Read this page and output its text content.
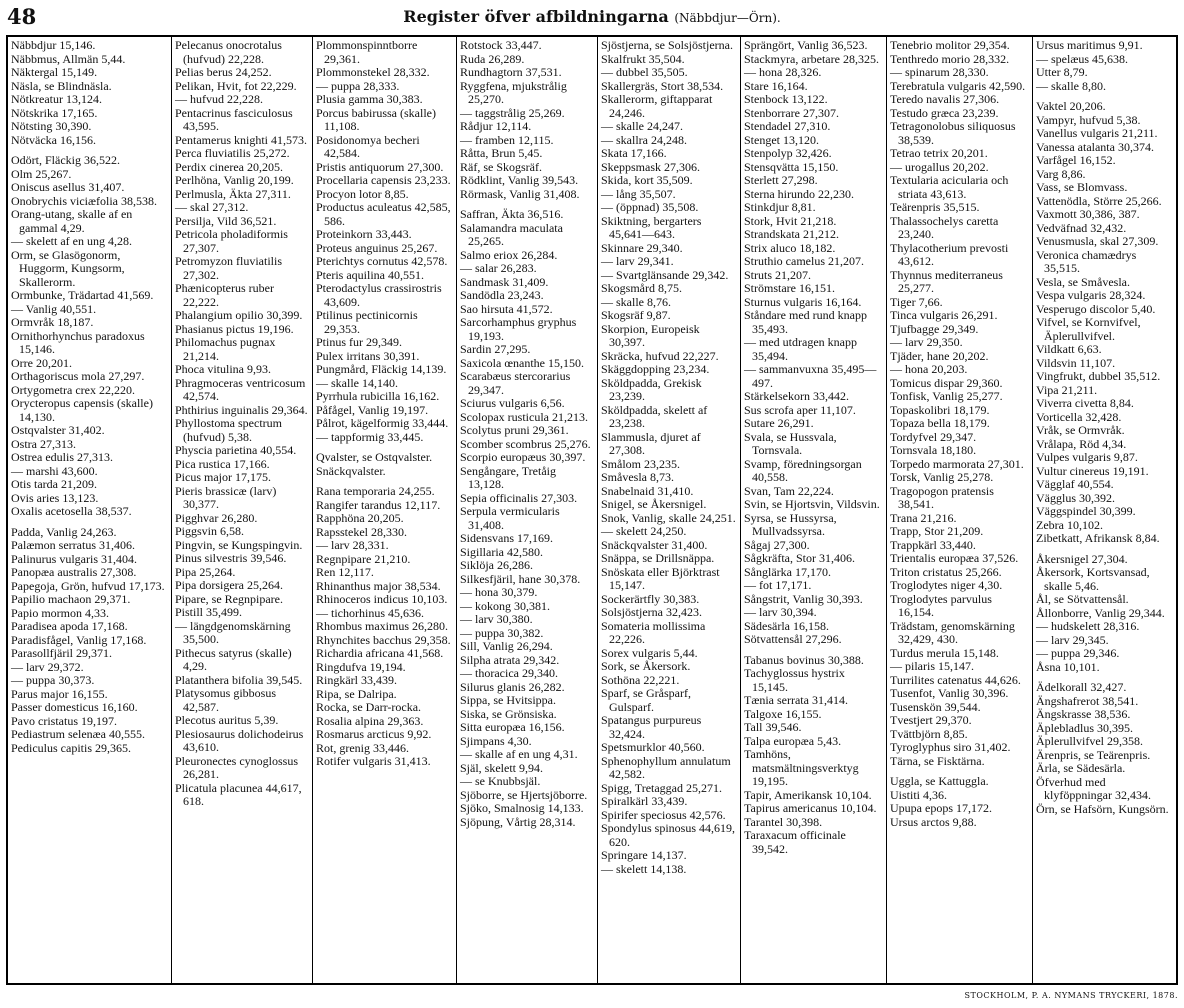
48	Register öfver afbildningarna (Näbbdjur—Örn).
Näbbdjur 15,146.
Näbbmus, Allmän 5,44.
Näktergal 15,149.
Näsla, se Blindnäsla.
Nötkreatur 13,124.
Nötskrika 17,165.
Nötsting 30,390.
Nötväcka 16,156.
Odört, Fläckig 36,522.
Olm 25,267.
Oniscus asellus 31,407.
Onobrychis viciæfolia 38,538.
Orang-utang, skalle af en gammal 4,29.
— skelett af en ung 4,28.
Orm, se Glasögonorm, Huggorm, Kungsorm, Skallerorm.
Ormbunke, Trädartad 41,569.
— Vanlig 40,551.
Ormvråk 18,187.
Ornithorhynchus paradoxus 15,146.
Orre 20,201.
Orthagoriscus mola 27,297.
Ortygometra crex 22,220.
Orycteropus capensis (skalle) 14,130.
Ostqvalster 31,402.
Ostra 27,313.
Ostrea edulis 27,313.
— marshi 43,600.
Otis tarda 21,209.
Ovis aries 13,123.
Oxalis acetosella 38,537.
Padda, Vanlig 24,263.
Palæmon serratus 31,406.
Palinurus vulgaris 31,404.
Panopæa australis 27,308.
Papegoja, Grön, hufvud 17,173.
Papilio machaon 29,371.
Papio mormon 4,33.
Paradisea apoda 17,168.
Paradisfågel, Vanlig 17,168.
Parasollfjäril 29,371.
— larv 29,372.
— puppa 30,373.
Parus major 16,155.
Passer domesticus 16,160.
Pavo cristatus 19,197.
Pediastrum selenæa 40,555.
Pediculus capitis 29,365.
Pelecanus onocrotalus (hufvud) 22,228.
Pelias berus 24,252.
Pelikan, Hvit, fot 22,229.
— hufvud 22,228.
Pentacrinus fasciculosus 43,595.
Pentamerus knighti 41,573.
Perca fluviatilis 25,272.
Perdix cinerea 20,205.
Perlhöna, Vanlig 20,199.
Perlmusla, Äkta 27,311.
— skal 27,312.
Persilja, Vild 36,521.
Petricola pholadiformis 27,307.
Petromyzon fluviatilis 27,302.
Phænicopterus ruber 22,222.
Phalangium opilio 30,399.
Phasianus pictus 19,196.
Philomachus pugnax 21,214.
Phoca vitulina 9,93.
Phragmoceras ventricosum 42,574.
Phthirius inguinalis 29,364.
Phyllostoma spectrum (hufvud) 5,38.
Physcia parietina 40,554.
Pica rustica 17,166.
Picus major 17,175.
Pieris brassicæ (larv) 30,377.
Pigghvar 26,280.
Piggsvin 6,58.
Pingvin, se Kungspingvin.
Pinus silvestris 39,546.
Pipa 25,264.
Pipa dorsigera 25,264.
Pipare, se Regnpipare.
Pistill 35,499.
— längdgenomskärning 35,500.
Pithecus satyrus (skalle) 4,29.
Platanthera bifolia 39,545.
Platysomus gibbosus 42,587.
Plecotus auritus 5,39.
Plesiosaurus dolichodeirus 43,610.
Pleuronectes cynoglossus 26,281.
Plicatula placunea 44,617, 618.
Plommonspinntborre 29,361.
Plommonstekel 28,332.
— puppa 28,333.
Plusia gamma 30,383.
Porcus babirussa (skalle) 11,108.
Posidonomya becheri 42,584.
Pristis antiquorum 27,300.
Procellaria capensis 23,233.
Procyon lotor 8,85.
Productus aculeatus 42,585, 586.
Proteinkorn 33,443.
Proteus anguinus 25,267.
Pterichtys cornutus 42,578.
Pteris aquilina 40,551.
Pterodactylus crassirostris 43,609.
Ptilinus pectinicornis 29,353.
Ptinus fur 29,349.
Pulex irritans 30,391.
Pungmård, Fläckig 14,139.
— skalle 14,140.
Pyrrhula rubicilla 16,162.
Påfågel, Vanlig 19,197.
Pålrot, kägelformig 33,444.
— tappformig 33,445.
Qvalster, se Ostqvalster.
Snäckqvalster.
Rana temporaria 24,255.
Rangifer tarandus 12,117.
Rapphöna 20,205.
Rapsstekel 28,330.
— larv 28,331.
Regnpipare 21,210.
Ren 12,117.
Rhinanthus major 38,534.
Rhinoceros indicus 10,103.
— tichorhinus 45,636.
Rhombus maximus 26,280.
Rhynchites bacchus 29,358.
Richardia africana 41,568.
Ringdufva 19,194.
Ringkärl 33,439.
Ripa, se Dalripa.
Rocka, se Darr-rocka.
Rosalia alpina 29,363.
Rosmarus arcticus 9,92.
Rot, grenig 33,446.
Rotifer vulgaris 31,413.
Rotstock 33,447.
Ruda 26,289.
Rundhagtorn 37,531.
Ryggfena, mjukstrålig 25,270.
— taggstrålig 25,269.
Rådjur 12,114.
— framben 12,115.
Råtta, Brun 5,45.
Räf, se Skogsräf.
Rödklint, Vanlig 39,543.
Rörmask, Vanlig 31,408.
Saffran, Äkta 36,516.
Salamandra maculata 25,265.
Salmo eriox 26,284.
— salar 26,283.
Sandmask 31,409.
Sandödla 23,243.
Sao hirsuta 41,572.
Sarcorhamphus gryphus 19,193.
Sardin 27,295.
Saxicola œnanthe 15,150.
Scarabæus stercorarius 29,347.
Sciurus vulgaris 6,56.
Scolopax rusticula 21,213.
Scolytus pruni 29,361.
Scomber scombrus 25,276.
Scorpio europæus 30,397.
Sengångare, Tretåig 13,128.
Sepia officinalis 27,303.
Serpula vermicularis 31,408.
Sidensvans 17,169.
Sigillaria 42,580.
Siklöja 26,286.
Silkesfjäril, hane 30,378.
— hona 30,379.
— kokong 30,381.
— larv 30,380.
— puppa 30,382.
Sill, Vanlig 26,294.
Silpha atrata 29,342.
— thoracica 29,340.
Silurus glanis 26,282.
Sippa, se Hvitsippa.
Siska, se Grönsiska.
Sitta europæa 16,156.
Sjimpans 4,30.
— skalle af en ung 4,31.
Själ, skelett 9,94.
— se Knubbsjäl.
Sjöborre, se Hjertsjöborre.
Sjöko, Smalnosig 14,133.
Sjöpung, Vårtig 28,314.
Sjöstjerna, se Solsjöstjerna.
Skalfrukt 35,504.
— dubbel 35,505.
Skallergräs, Stort 38,534.
Skallerorm, giftapparat 24,246.
— skalle 24,247.
— skallra 24,248.
Skata 17,166.
Skeppsmask 27,306.
Skida, kort 35,509.
— lång 35,507.
— (öppnad) 35,508.
Skiktning, bergarters 45,641—643.
Skinnare 29,340.
— larv 29,341.
— Svartglänsande 29,342.
Skogsmård 8,75.
— skalle 8,76.
Skogsräf 9,87.
Skorpion, Europeisk 30,397.
Skräcka, hufvud 22,227.
Skäggdopping 23,234.
Sköldpadda, Grekisk 23,239.
Sköldpadda, skelett af 23,238.
Slammusla, djuret af 27,308.
Smålom 23,235.
Småvesla 8,73.
Snabelnaid 31,410.
Snigel, se Åkersnigel.
Snok, Vanlig, skalle 24,251.
— skelett 24,250.
Snäckqvalster 31,400.
Snäppa, se Drillsnäppa.
Snöskata eller Björktrast 15,147.
Sockerärtfly 30,383.
Solsjöstjerna 32,423.
Somateria mollissima 22,226.
Sorex vulgaris 5,44.
Sork, se Åkersork.
Sothöna 22,221.
Sparf, se Gråsparf, Gulsparf.
Spatangus purpureus 32,424.
Spetsmurklor 40,560.
Sphenophyllum annulatum 42,582.
Spigg, Tretaggad 25,271.
Spiralkärl 33,439.
Spirifer speciosus 42,576.
Spondylus spinosus 44,619, 620.
Springare 14,137.
— skelett 14,138.
Sprängört, Vanlig 36,523.
Stackmyra, arbetare 28,325.
— hona 28,326.
Stare 16,164.
Stenbock 13,122.
Stenborrare 27,307.
Stendadel 27,310.
Stenget 13,120.
Stenpolyp 32,426.
Stensqvätta 15,150.
Sterlett 27,298.
Sterna hirundo 22,230.
Stinkdjur 8,81.
Stork, Hvit 21,218.
Strandskata 21,212.
Strix aluco 18,182.
Struthio camelus 21,207.
Struts 21,207.
Strömstare 16,151.
Sturnus vulgaris 16,164.
Ståndare med rund knapp 35,493.
— med utdragen knapp 35,494.
— sammanvuxna 35,495—497.
Stärkelsekorn 33,442.
Sus scrofa aper 11,107.
Sutare 26,291.
Svala, se Hussvala, Tornsvala.
Svamp, föredningsorgan 40,558.
Svan, Tam 22,224.
Svin, se Hjortsvin, Vildsvin.
Syrsa, se Hussyrsa, Mullvadssyrsa.
Sågaj 27,300.
Sågkräfta, Stor 31,406.
Sånglärka 17,170.
— fot 17,171.
Sångstrit, Vanlig 30,393.
— larv 30,394.
Sädesärla 16,158.
Sötvattensål 27,296.
Tabanus bovinus 30,388.
Tachyglossus hystrix 15,145.
Tænia serrata 31,414.
Talgoxe 16,155.
Tall 39,546.
Talpa europæa 5,43.
Tamhöns, matsmältningsverktyg 19,195.
Tapir, Amerikansk 10,104.
Tapirus americanus 10,104.
Tarantel 30,398.
Taraxacum officinale 39,542.
Tenebrio molitor 29,354.
Tenthredo morio 28,332.
— spinarum 28,330.
Terebratula vulgaris 42,590.
Teredo navalis 27,306.
Testudo græca 23,239.
Tetragonolobus siliquosus 38,539.
Tetrao tetrix 20,201.
— urogallus 20,202.
Textularia acicularia och striata 43,613.
Teärenpris 35,515.
Thalassochelys caretta 23,240.
Thylacotherium prevosti 43,612.
Thynnus mediterraneus 25,277.
Tiger 7,66.
Tinca vulgaris 26,291.
Tjufbagge 29,349.
— larv 29,350.
Tjäder, hane 20,202.
— hona 20,203.
Tomicus dispar 29,360.
Tonfisk, Vanlig 25,277.
Topaskolibri 18,179.
Topaza bella 18,179.
Tordyfvel 29,347.
Tornsvala 18,180.
Torpedo marmorata 27,301.
Torsk, Vanlig 25,278.
Tragopogon pratensis 38,541.
Trana 21,216.
Trapp, Stor 21,209.
Trappkärl 33,440.
Trientalis europæa 37,526.
Triton cristatus 25,266.
Troglodytes niger 4,30.
Troglodytes parvulus 16,154.
Trädstam, genomskärning 32,429, 430.
Turdus merula 15,148.
— pilaris 15,147.
Turrilites catenatus 44,626.
Tusenfot, Vanlig 30,396.
Tusenskön 39,544.
Tvestjert 29,370.
Tvättbjörn 8,85.
Tyroglyphus siro 31,402.
Tärna, se Fisktärna.
Uggla, se Kattuggla.
Uistiti 4,36.
Upupa epops 17,172.
Ursus arctos 9,88.
Ursus maritimus 9,91.
— spelæus 45,638.
Utter 8,79.
— skalle 8,80.
Vaktel 20,206.
Vampyr, hufvud 5,38.
Vanellus vulgaris 21,211.
Vanessa atalanta 30,374.
Varfågel 16,152.
Varg 8,86.
Vass, se Blomvass.
Vattenödla, Större 25,266.
Vaxmott 30,386, 387.
Vedväfnad 32,432.
Venusmusla, skal 27,309.
Veronica chamædrys 35,515.
Vesla, se Småvesla.
Vespa vulgaris 28,324.
Vesperugo discolor 5,40.
Vifvel, se Kornvifvel, Äplerullvifvel.
Vildkatt 6,63.
Vildsvin 11,107.
Vingfrukt, dubbel 35,512.
Vipa 21,211.
Viverra civetta 8,84.
Vorticella 32,428.
Vråk, se Ormvråk.
Vrålapa, Röd 4,34.
Vulpes vulgaris 9,87.
Vultur cinereus 19,191.
Vägglaf 40,554.
Vägglus 30,392.
Väggspindel 30,399.
Zebra 10,102.
Zibetkatt, Afrikansk 8,84.
Åkersnigel 27,304.
Åkersork, Kortsvansad, skalle 5,46.
Ål, se Sötvattensål.
Ållonborre, Vanlig 29,344.
— hudskelett 28,316.
— larv 29,345.
— puppa 29,346.
Åsna 10,101.
Ädelkorall 32,427.
Ängshafrerot 38,541.
Ängskrasse 38,536.
Äplebladlus 30,395.
Äplerullvifvel 29,358.
Ärenpris, se Teärenpris.
Ärla, se Sädesärla.
Öfverhud med klyföppningar 32,434.
Örn, se Hafsörn, Kungsörn.
STOCKHOLM, P. A. NYMANS TRYCKERI, 1878.
